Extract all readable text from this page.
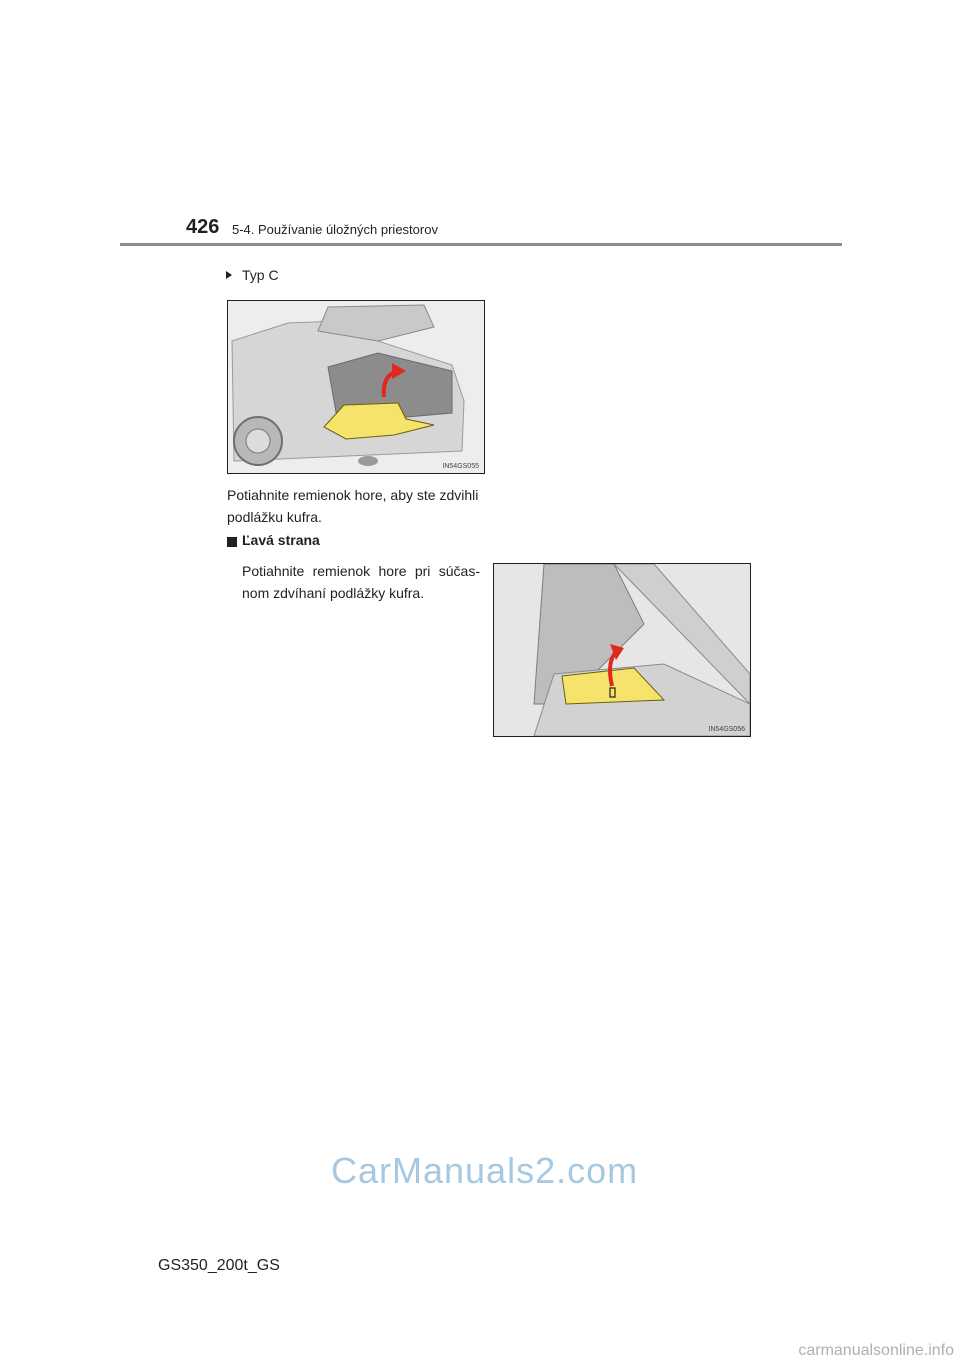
426 5-4. Používanie úložných priestorov
Typ C
IN54GS055
Potiahnite remienok hore, aby ste zdvihli podlážku kufra.
Ľavá strana
Potiahnite remienok hore pri súčas-nom zdvíhaní podlážky kufra.
IN54GS056
CarManuals2.com
GS350_200t_GS
carmanualsonline.info
